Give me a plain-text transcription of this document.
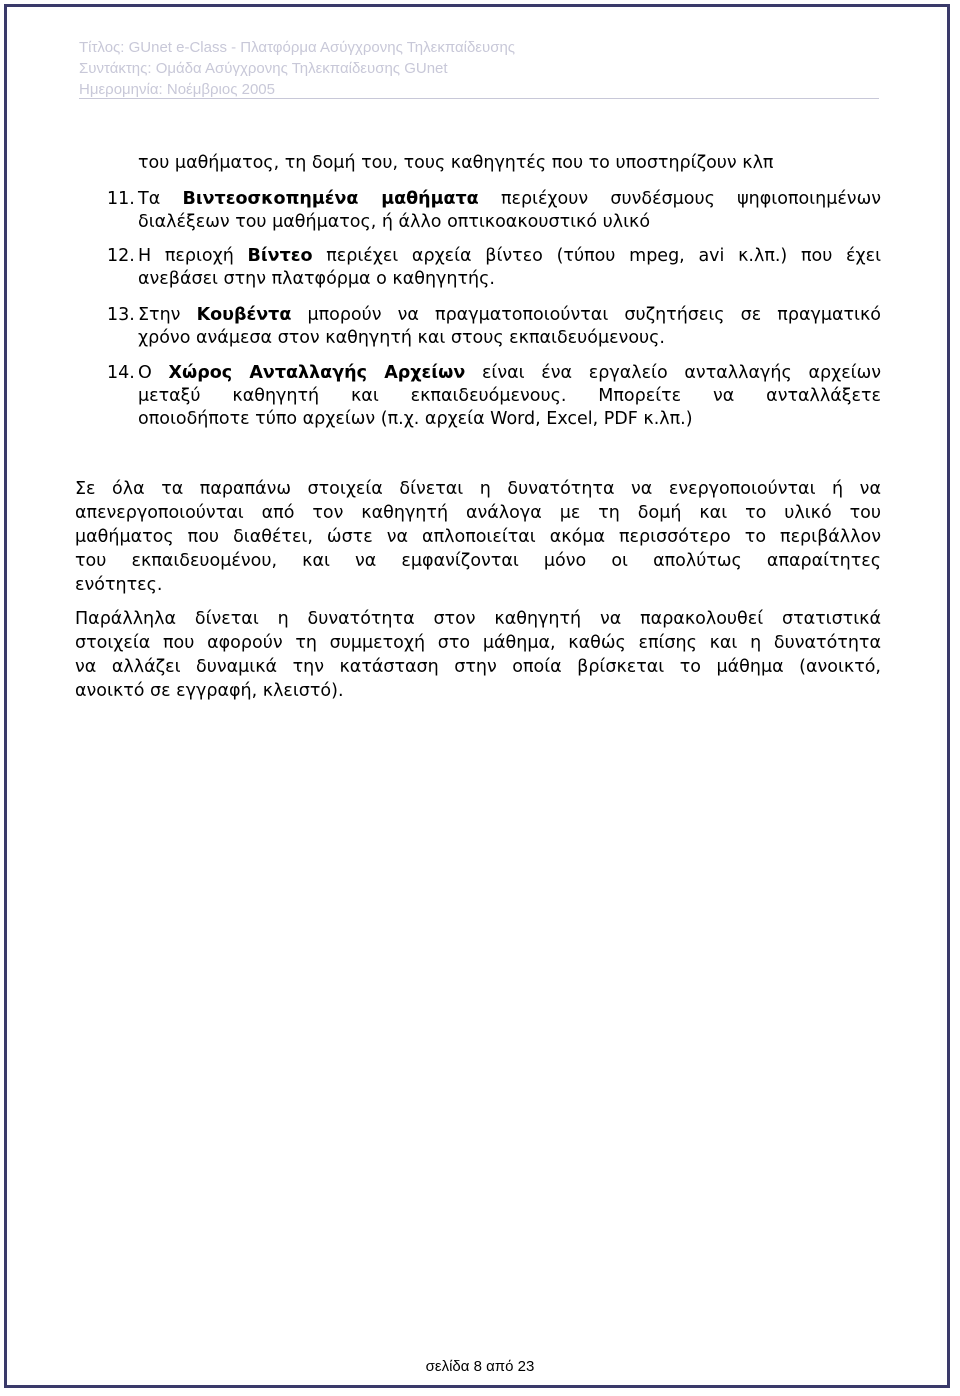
Τίτλος: GUnet e-Class - Πλατφόρμα Ασύγχρονης Τηλεκπαίδευσης
Συντάκτης: Ομάδα Ασύγχρονης Τηλεκπαίδευσης GUnet
Ημερομηνία: Νοέμβριος 2005
του μαθήματος, τη δομή του, τους καθηγητές που το υποστηρίζουν κλπ
11. Τα Βιντεοσκοπημένα μαθήματα περιέχουν συνδέσμους ψηφιοποιημένων
διαλέξεων του μαθήματος, ή άλλο οπτικοακουστικό υλικό
12. Η περιοχή Βίντεο περιέχει αρχεία βίντεο (τύπου mpeg, avi κ.λπ.) που έχει
ανεβάσει στην πλατφόρμα ο καθηγητής.
13. Στην Κουβέντα μπορούν να πραγματοποιούνται συζητήσεις σε πραγματικό
χρόνο ανάμεσα στον καθηγητή και στους εκπαιδευόμενους.
14. Ο Χώρος Ανταλλαγής Αρχείων είναι ένα εργαλείο ανταλλαγής αρχείων
μεταξύ καθηγητή και εκπαιδευόμενους. Μπορείτε να ανταλλάξετε
οποιοδήποτε τύπο αρχείων (π.χ. αρχεία Word, Excel, PDF κ.λπ.)
Σε όλα τα παραπάνω στοιχεία δίνεται η δυνατότητα να ενεργοποιούνται ή να
απενεργοποιούνται από τον καθηγητή ανάλογα με τη δομή και το υλικό του
μαθήματος που διαθέτει, ώστε να απλοποιείται ακόμα περισσότερο το περιβάλλον
του εκπαιδευομένου, και να εμφανίζονται μόνο οι απολύτως απαραίτητες
ενότητες.
Παράλληλα δίνεται η δυνατότητα στον καθηγητή να παρακολουθεί στατιστικά
στοιχεία που αφορούν τη συμμετοχή στο μάθημα, καθώς επίσης και η δυνατότητα
να αλλάζει δυναμικά την κατάσταση στην οποία βρίσκεται το μάθημα (ανοικτό,
ανοικτό σε εγγραφή, κλειστό).
σελίδα 8 από 23
